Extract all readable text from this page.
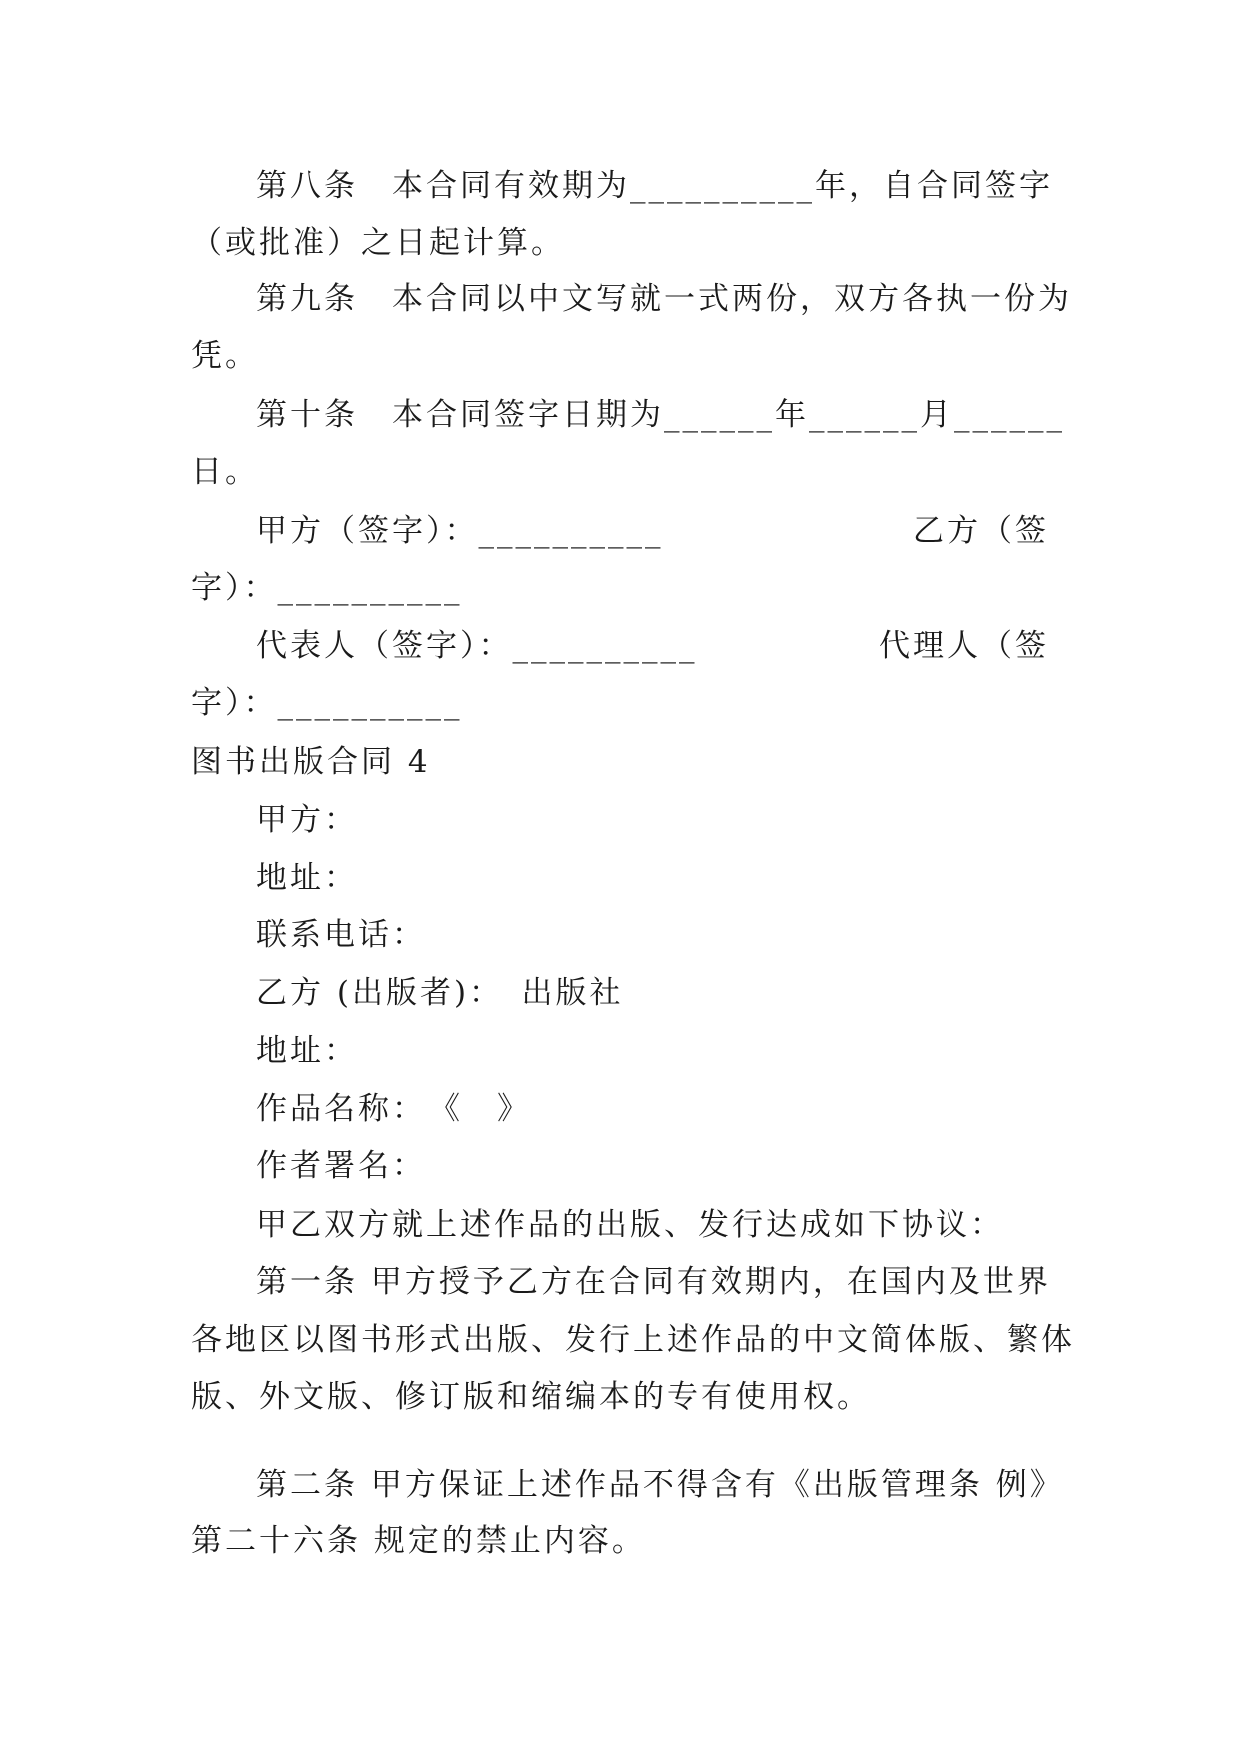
第八条　本合同有效期为__________年，自合同签字
（或批准）之日起计算。
第九条　本合同以中文写就一式两份，双方各执一份为
凭。
第十条　本合同签字日期为______年______月______
日。
甲方（签字）：__________	乙方（签
字）：__________
代表人（签字）：__________	代理人（签
字）：__________
图书出版合同 4
甲方：
地址：
联系电话：
乙方 (出版者)：　出版社
地址：
作品名称：　《　》
作者署名：
甲乙双方就上述作品的出版、发行达成如下协议：
第一条 甲方授予乙方在合同有效期内，在国内及世界
各地区以图书形式出版、发行上述作品的中文简体版、繁体
版、外文版、修订版和缩编本的专有使用权。
第二条 甲方保证上述作品不得含有《出版管理条 例》
第二十六条 规定的禁止内容。
